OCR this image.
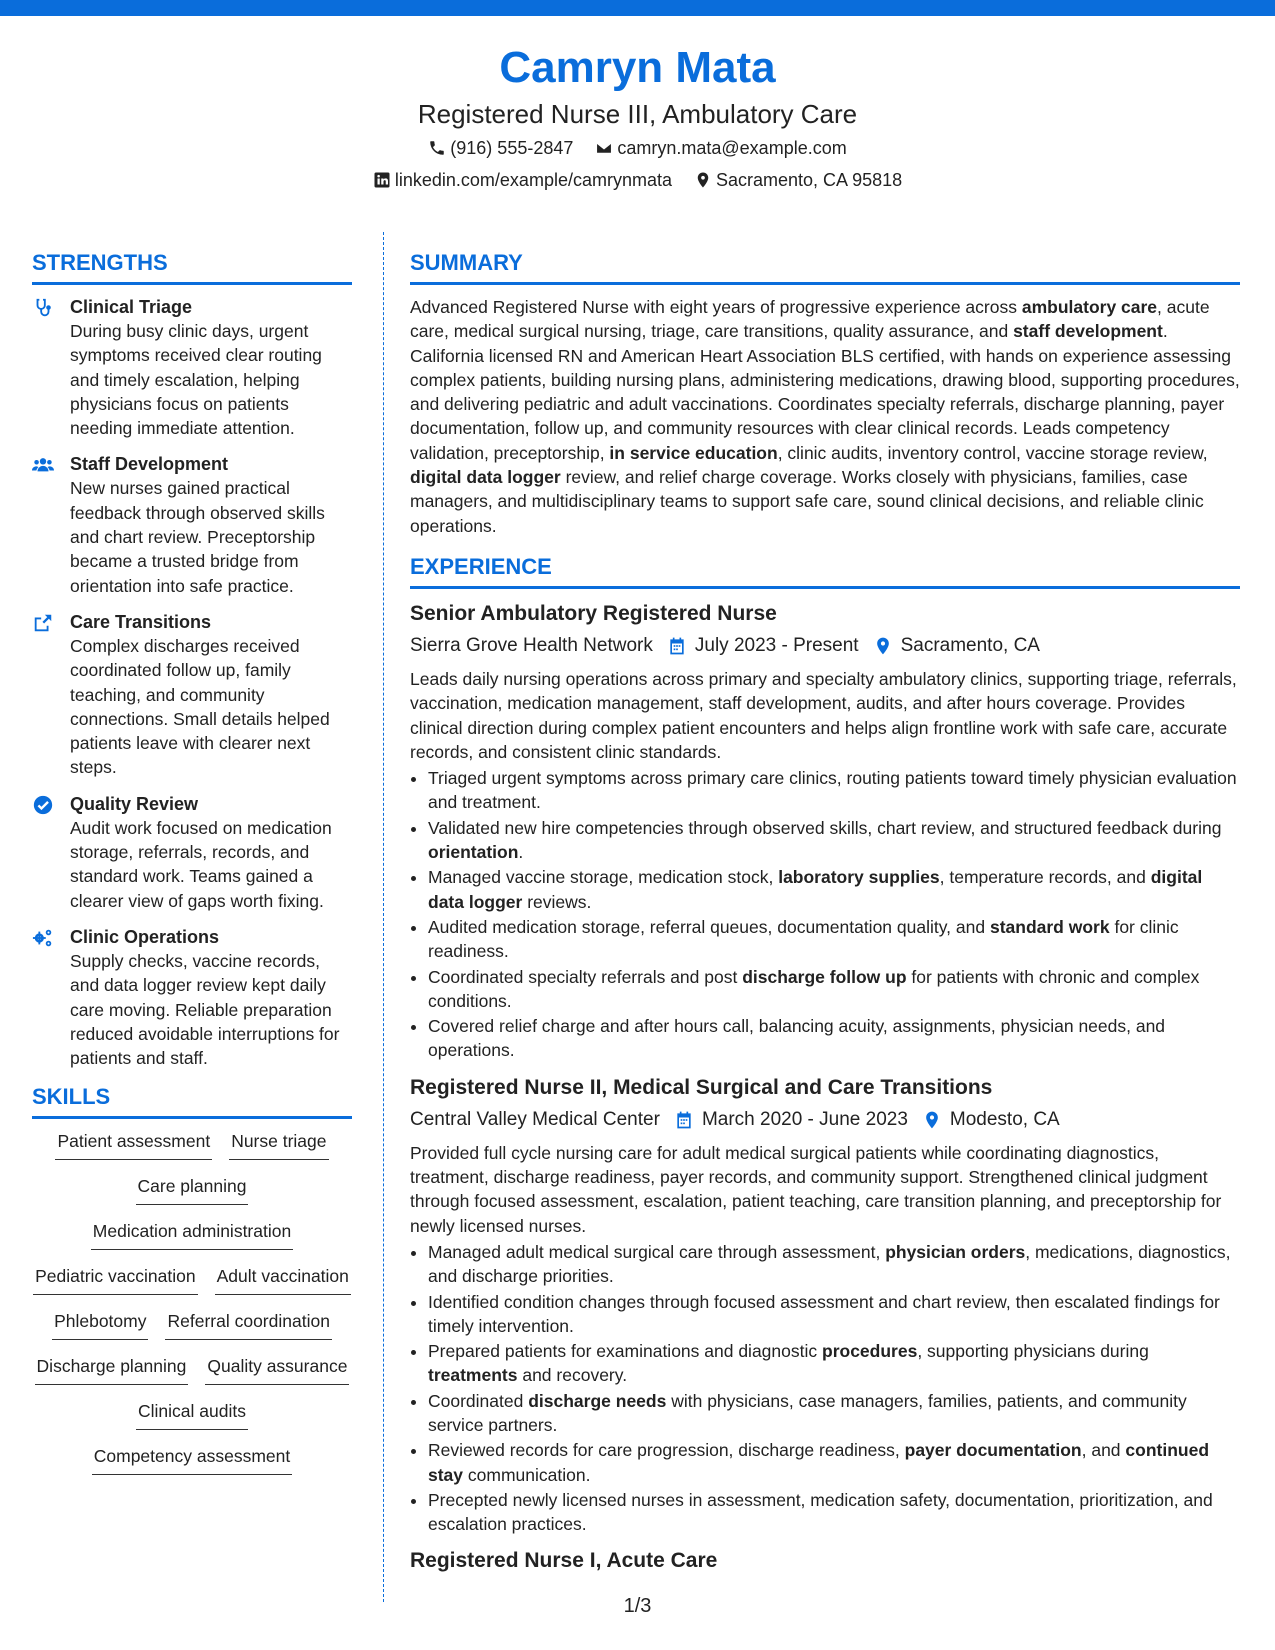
Camryn Mata
Registered Nurse III, Ambulatory Care
(916) 555-2847 camryn.mata@example.com
linkedin.com/example/camrynmata Sacramento, CA 95818
STRENGTHS
Clinical Triage
During busy clinic days, urgent symptoms received clear routing and timely escalation, helping physicians focus on patients needing immediate attention.
Staff Development
New nurses gained practical feedback through observed skills and chart review. Preceptorship became a trusted bridge from orientation into safe practice.
Care Transitions
Complex discharges received coordinated follow up, family teaching, and community connections. Small details helped patients leave with clearer next steps.
Quality Review
Audit work focused on medication storage, referrals, records, and standard work. Teams gained a clearer view of gaps worth fixing.
Clinic Operations
Supply checks, vaccine records, and data logger review kept daily care moving. Reliable preparation reduced avoidable interruptions for patients and staff.
SKILLS
Patient assessment Nurse triage
Care planning
Medication administration
Pediatric vaccination Adult vaccination
Phlebotomy Referral coordination
Discharge planning Quality assurance
Clinical audits
Competency assessment
SUMMARY

Advanced Registered Nurse with eight years of progressive experience across ambulatory care, acute care, medical surgical nursing, triage, care transitions, quality assurance, and staff development. California licensed RN and American Heart Association BLS certified, with hands on experience assessing complex patients, building nursing plans, administering medications, drawing blood, supporting procedures, and delivering pediatric and adult vaccinations. Coordinates specialty referrals, discharge planning, payer documentation, follow up, and community resources with clear clinical records. Leads competency validation, preceptorship, in service education, clinic audits, inventory control, vaccine storage review, digital data logger review, and relief charge coverage. Works closely with physicians, families, case managers, and multidisciplinary teams to support safe care, sound clinical decisions, and reliable clinic operations.

EXPERIENCE
Senior Ambulatory Registered Nurse
Sierra Grove Health Network July 2023 - Present Sacramento, CA

Leads daily nursing operations across primary and specialty ambulatory clinics, supporting triage, referrals, vaccination, medication management, staff development, audits, and after hours coverage. Provides clinical direction during complex patient encounters and helps align frontline work with safe care, accurate records, and consistent clinic standards.

• Triaged urgent symptoms across primary care clinics, routing patients toward timely physician evaluation and treatment.
• Validated new hire competencies through observed skills, chart review, and structured feedback during orientation.
• Managed vaccine storage, medication stock, laboratory supplies, temperature records, and digital data logger reviews.
• Audited medication storage, referral queues, documentation quality, and standard work for clinic readiness.
• Coordinated specialty referrals and post discharge follow up for patients with chronic and complex conditions.
• Covered relief charge and after hours call, balancing acuity, assignments, physician needs, and operations.
Registered Nurse II, Medical Surgical and Care Transitions
Central Valley Medical Center March 2020 - June 2023 Modesto, CA

Provided full cycle nursing care for adult medical surgical patients while coordinating diagnostics, treatment, discharge readiness, payer records, and community support. Strengthened clinical judgment through focused assessment, escalation, patient teaching, care transition planning, and preceptorship for newly licensed nurses.

• Managed adult medical surgical care through assessment, physician orders, medications, diagnostics, and discharge priorities.
• Identified condition changes through focused assessment and chart review, then escalated findings for timely intervention.
• Prepared patients for examinations and diagnostic procedures, supporting physicians during treatments and recovery.
• Coordinated discharge needs with physicians, case managers, families, patients, and community service partners.
• Reviewed records for care progression, discharge readiness, payer documentation, and continued stay communication.
• Precepted newly licensed nurses in assessment, medication safety, documentation, prioritization, and escalation practices.
Registered Nurse I, Acute Care
1/3
